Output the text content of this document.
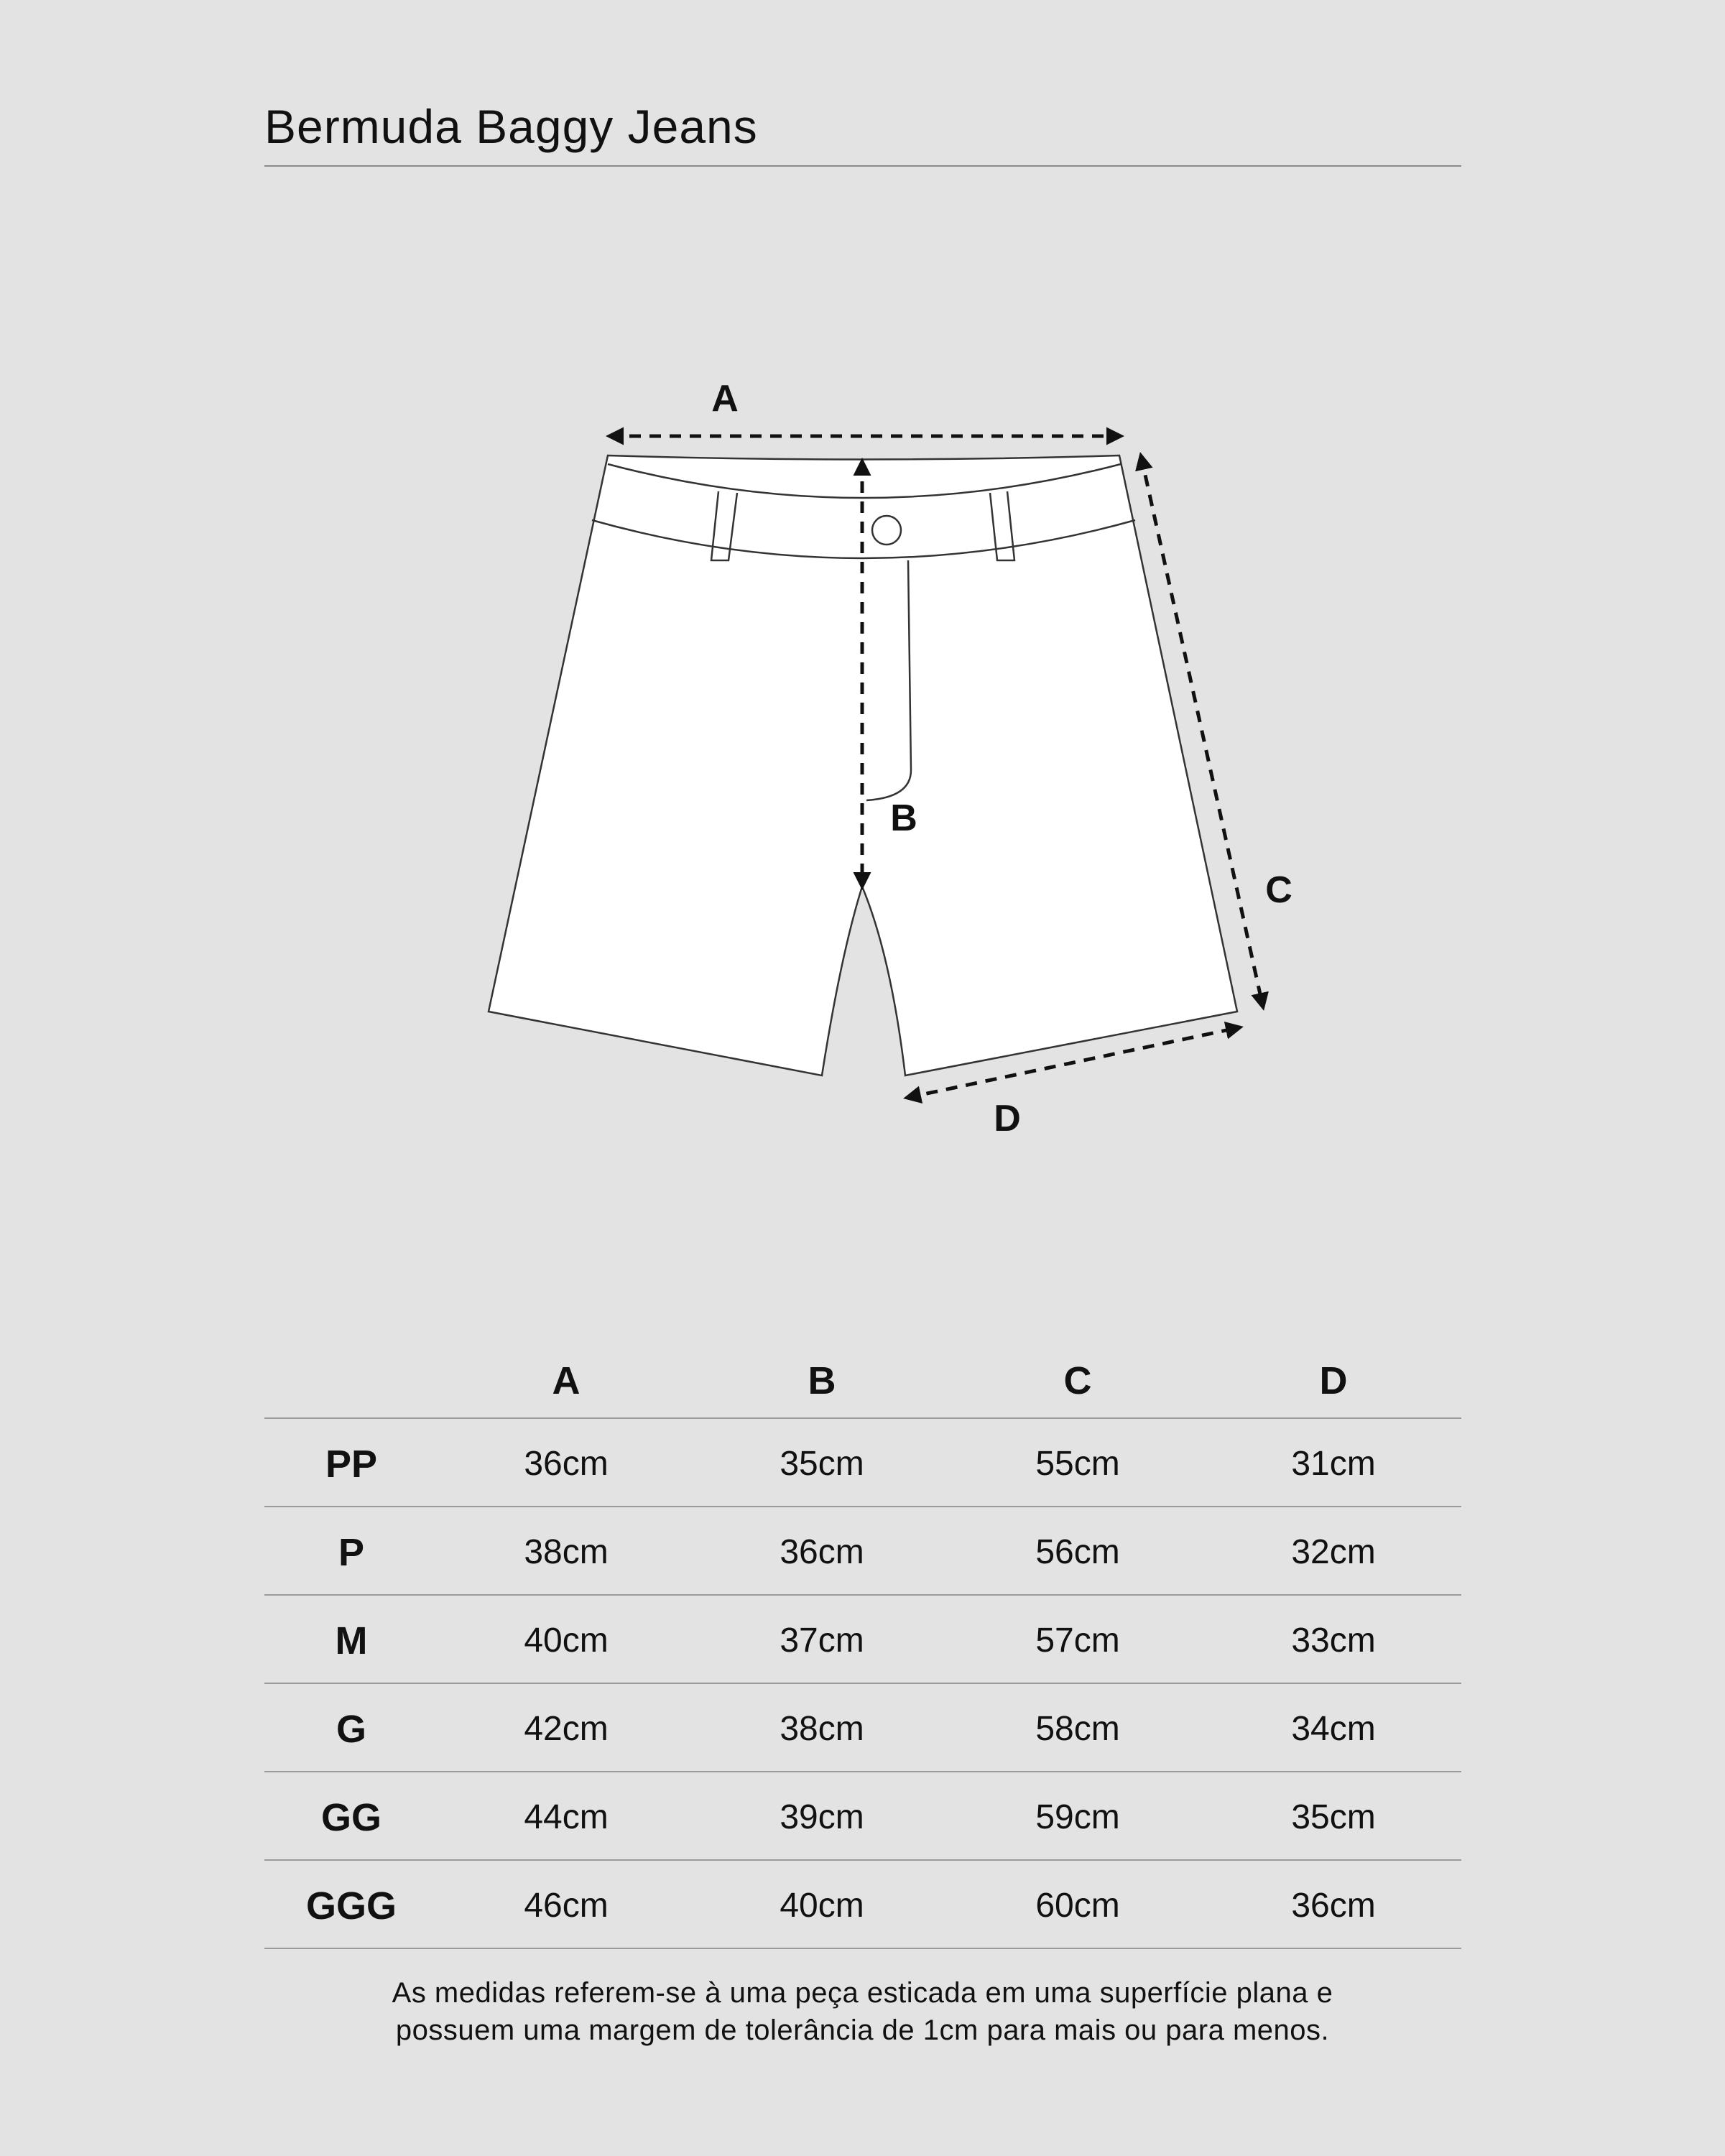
Bermuda Baggy Jeans
A
B
C
D
	A	B	C	D
PP	36cm	35cm	55cm	31cm
P	38cm	36cm	56cm	32cm
M	40cm	37cm	57cm	33cm
G	42cm	38cm	58cm	34cm
GG	44cm	39cm	59cm	35cm
GGG	46cm	40cm	60cm	36cm

As medidas referem-se à uma peça esticada em uma superfície plana e
possuem uma margem de tolerância de 1cm para mais ou para menos.
